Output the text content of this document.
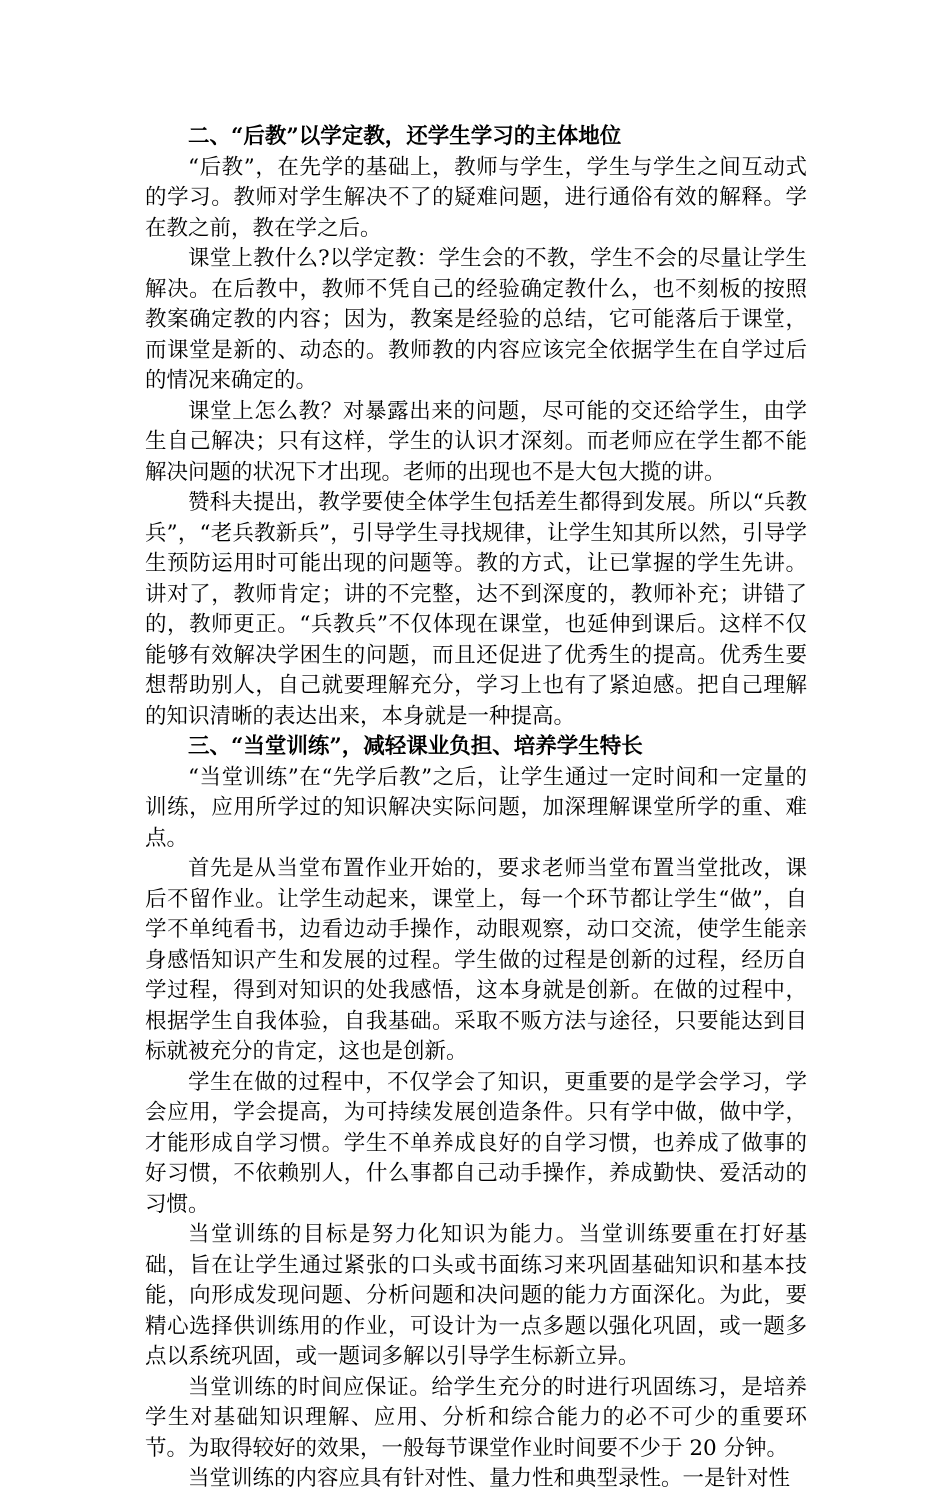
二、“后教”以学定教，还学生学习的主体地位

“后教”，在先学的基础上，教师与学生，学生与学生之间互动式的学习。教师对学生解决不了的疑难问题，进行通俗有效的解释。学在教之前，教在学之后。

课堂上教什么?以学定教：学生会的不教，学生不会的尽量让学生解决。在后教中，教师不凭自己的经验确定教什么，也不刻板的按照教案确定教的内容；因为，教案是经验的总结，它可能落后于课堂，而课堂是新的、动态的。教师教的内容应该完全依据学生在自学过后的情况来确定的。

课堂上怎么教？对暴露出来的问题，尽可能的交还给学生，由学生自己解决；只有这样，学生的认识才深刻。而老师应在学生都不能解决问题的状况下才出现。老师的出现也不是大包大揽的讲。

赞科夫提出，教学要使全体学生包括差生都得到发展。所以“兵教兵”，“老兵教新兵”，引导学生寻找规律，让学生知其所以然，引导学生预防运用时可能出现的问题等。教的方式，让已掌握的学生先讲。讲对了，教师肯定；讲的不完整，达不到深度的，教师补充；讲错了的，教师更正。“兵教兵”不仅体现在课堂，也延伸到课后。这样不仅能够有效解决学困生的问题，而且还促进了优秀生的提高。优秀生要想帮助别人，自己就要理解充分，学习上也有了紧迫感。把自己理解的知识清晰的表达出来，本身就是一种提高。

三、“当堂训练”，减轻课业负担、培养学生特长

“当堂训练”在“先学后教”之后，让学生通过一定时间和一定量的训练，应用所学过的知识解决实际问题，加深理解课堂所学的重、难点。

首先是从当堂布置作业开始的，要求老师当堂布置当堂批改，课后不留作业。让学生动起来，课堂上，每一个环节都让学生“做”，自学不单纯看书，边看边动手操作，动眼观察，动口交流，使学生能亲身感悟知识产生和发展的过程。学生做的过程是创新的过程，经历自学过程，得到对知识的处我感悟，这本身就是创新。在做的过程中，根据学生自我体验，自我基础。采取不贩方法与途径，只要能达到目标就被充分的肯定，这也是创新。

学生在做的过程中，不仅学会了知识，更重要的是学会学习，学会应用，学会提高，为可持续发展创造条件。只有学中做，做中学，才能形成自学习惯。学生不单养成良好的自学习惯，也养成了做事的好习惯，不依赖别人，什么事都自己动手操作，养成勤快、爱活动的习惯。

当堂训练的目标是努力化知识为能力。当堂训练要重在打好基础，旨在让学生通过紧张的口头或书面练习来巩固基础知识和基本技能，向形成发现问题、分析问题和决问题的能力方面深化。为此，要精心选择供训练用的作业，可设计为一点多题以强化巩固，或一题多点以系统巩固，或一题词多解以引导学生标新立异。

当堂训练的时间应保证。给学生充分的时进行巩固练习，是培养学生对基础知识理解、应用、分析和综合能力的必不可少的重要环节。为取得较好的效果，一般每节课堂作业时间要不少于 20 分钟。

当堂训练的内容应具有针对性、量力性和典型录性。一是针对性
